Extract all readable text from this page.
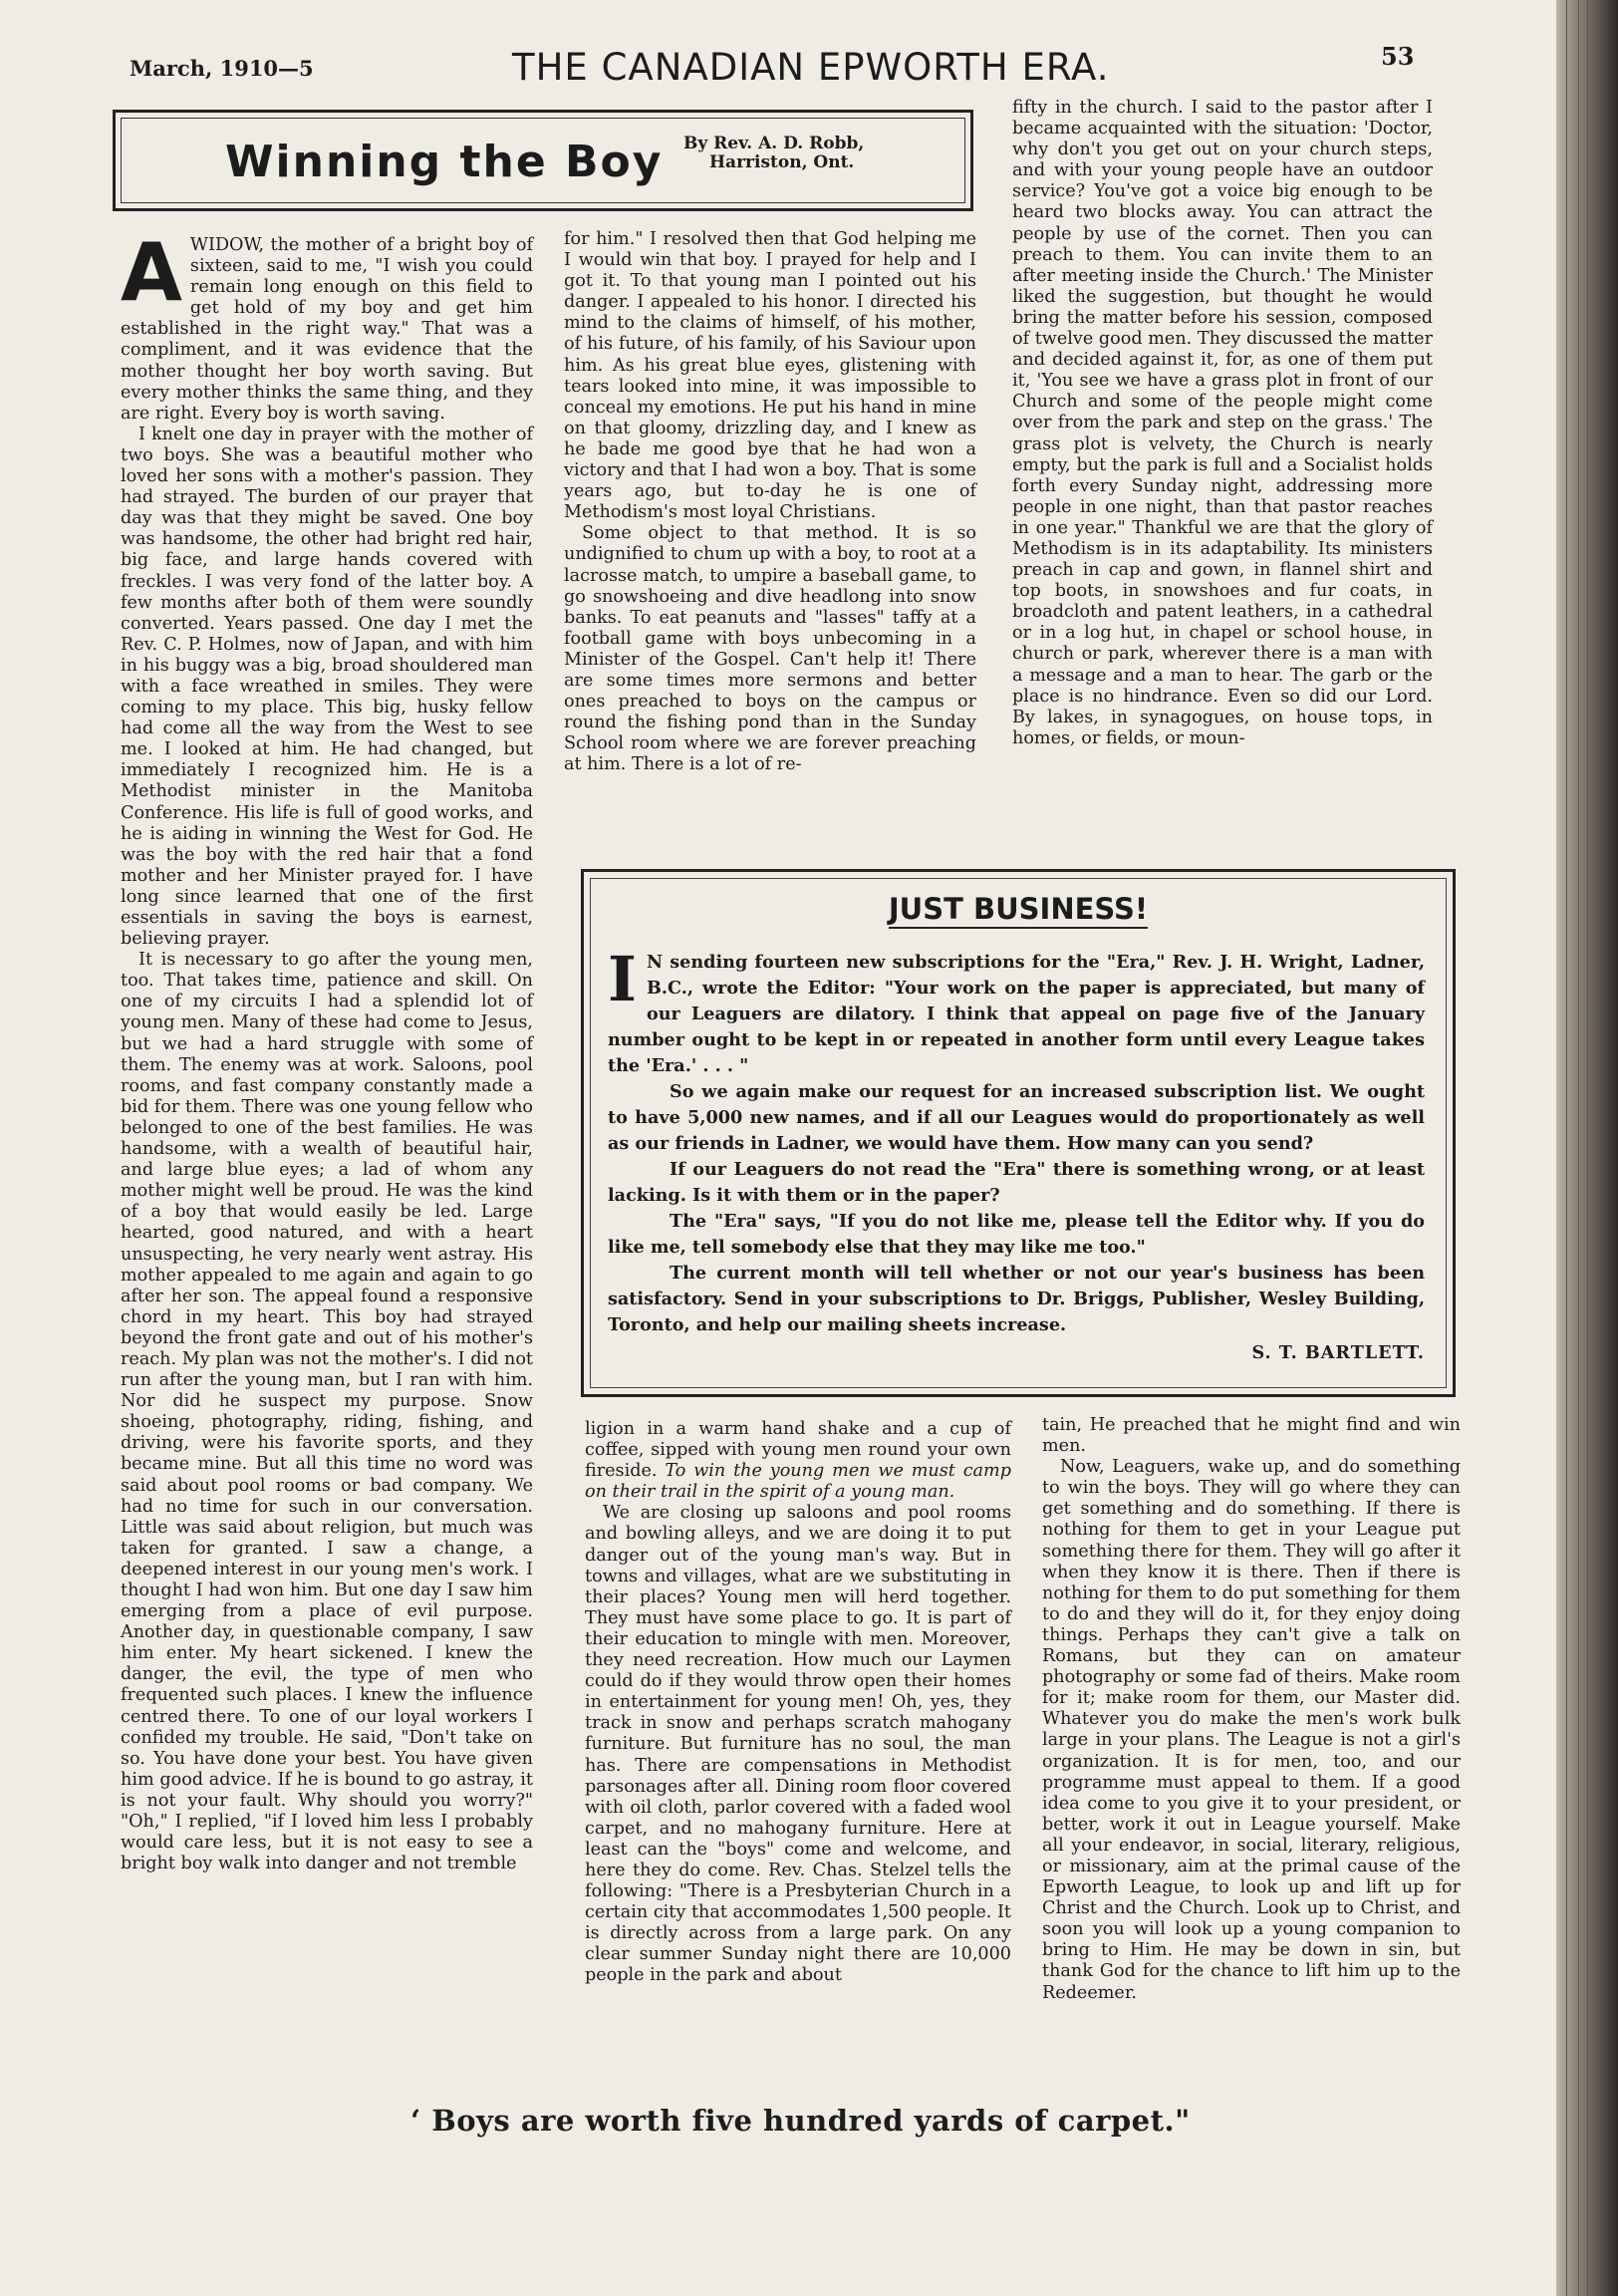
March, 1910—5	THE CANADIAN EPWORTH ERA.	53
Winning the Boy By Rev. A. D. Robb,
Harriston, Ont.

AWIDOW, the mother of a bright boy of sixteen, said to me, "I wish you could remain long enough on this field to get hold of my boy and get him established in the right way." That was a compliment, and it was evidence that the mother thought her boy worth saving. But every mother thinks the same thing, and they are right. Every boy is worth saving.

I knelt one day in prayer with the mother of two boys. She was a beautiful mother who loved her sons with a mother's passion. They had strayed. The burden of our prayer that day was that they might be saved. One boy was handsome, the other had bright red hair, big face, and large hands covered with freckles. I was very fond of the latter boy. A few months after both of them were soundly converted. Years passed. One day I met the Rev. C. P. Holmes, now of Japan, and with him in his buggy was a big, broad shouldered man with a face wreathed in smiles. They were coming to my place. This big, husky fellow had come all the way from the West to see me. I looked at him. He had changed, but immediately I recognized him. He is a Methodist minister in the Manitoba Conference. His life is full of good works, and he is aiding in winning the West for God. He was the boy with the red hair that a fond mother and her Minister prayed for. I have long since learned that one of the first essentials in saving the boys is earnest, believing prayer.

It is necessary to go after the young men, too. That takes time, patience and skill. On one of my circuits I had a splendid lot of young men. Many of these had come to Jesus, but we had a hard struggle with some of them. The enemy was at work. Saloons, pool rooms, and fast company constantly made a bid for them. There was one young fellow who belonged to one of the best families. He was handsome, with a wealth of beautiful hair, and large blue eyes; a lad of whom any mother might well be proud. He was the kind of a boy that would easily be led. Large hearted, good natured, and with a heart unsuspecting, he very nearly went astray. His mother appealed to me again and again to go after her son. The appeal found a responsive chord in my heart. This boy had strayed beyond the front gate and out of his mother's reach. My plan was not the mother's. I did not run after the young man, but I ran with him. Nor did he suspect my purpose. Snow shoeing, photography, riding, fishing, and driving, were his favorite sports, and they became mine. But all this time no word was said about pool rooms or bad company. We had no time for such in our conversation. Little was said about religion, but much was taken for granted. I saw a change, a deepened interest in our young men's work. I thought I had won him. But one day I saw him emerging from a place of evil purpose. Another day, in questionable company, I saw him enter. My heart sickened. I knew the danger, the evil, the type of men who frequented such places. I knew the influence centred there. To one of our loyal workers I confided my trouble. He said, "Don't take on so. You have done your best. You have given him good advice. If he is bound to go astray, it is not your fault. Why should you worry?" "Oh," I replied, "if I loved him less I probably would care less, but it is not easy to see a bright boy walk into danger and not tremble

for him." I resolved then that God helping me I would win that boy. I prayed for help and I got it. To that young man I pointed out his danger. I appealed to his honor. I directed his mind to the claims of himself, of his mother, of his future, of his family, of his Saviour upon him. As his great blue eyes, glistening with tears looked into mine, it was impossible to conceal my emotions. He put his hand in mine on that gloomy, drizzling day, and I knew as he bade me good bye that he had won a victory and that I had won a boy. That is some years ago, but to-day he is one of Methodism's most loyal Christians.

Some object to that method. It is so undignified to chum up with a boy, to root at a lacrosse match, to umpire a baseball game, to go snowshoeing and dive headlong into snow banks. To eat peanuts and "lasses" taffy at a football game with boys unbecoming in a Minister of the Gospel. Can't help it! There are some times more sermons and better ones preached to boys on the campus or round the fishing pond than in the Sunday School room where we are forever preaching at him. There is a lot of re-

fifty in the church. I said to the pastor after I became acquainted with the situation: 'Doctor, why don't you get out on your church steps, and with your young people have an outdoor service? You've got a voice big enough to be heard two blocks away. You can attract the people by use of the cornet. Then you can preach to them. You can invite them to an after meeting inside the Church.' The Minister liked the suggestion, but thought he would bring the matter before his session, composed of twelve good men. They discussed the matter and decided against it, for, as one of them put it, 'You see we have a grass plot in front of our Church and some of the people might come over from the park and step on the grass.' The grass plot is velvety, the Church is nearly empty, but the park is full and a Socialist holds forth every Sunday night, addressing more people in one night, than that pastor reaches in one year." Thankful we are that the glory of Methodism is in its adaptability. Its ministers preach in cap and gown, in flannel shirt and top boots, in snowshoes and fur coats, in broadcloth and patent leathers, in a cathedral or in a log hut, in chapel or school house, in church or park, wherever there is a man with a message and a man to hear. The garb or the place is no hindrance. Even so did our Lord. By lakes, in synagogues, on house tops, in homes, or fields, or moun-

JUST BUSINESS!

I N sending fourteen new subscriptions for the "Era," Rev. J. H. Wright, Ladner, B.C., wrote the Editor: "Your work on the paper is appreciated, but many of our Leaguers are dilatory. I think that appeal on page five of the January number ought to be kept in or repeated in another form until every League takes the 'Era.' . . . "

So we again make our request for an increased subscription list. We ought to have 5,000 new names, and if all our Leagues would do proportionately as well as our friends in Ladner, we would have them. How many can you send?

If our Leaguers do not read the "Era" there is something wrong, or at least lacking. Is it with them or in the paper?

The "Era" says, "If you do not like me, please tell the Editor why. If you do like me, tell somebody else that they may like me too."

The current month will tell whether or not our year's business has been satisfactory. Send in your subscriptions to Dr. Briggs, Publisher, Wesley Building, Toronto, and help our mailing sheets increase.

S. T. BARTLETT.

ligion in a warm hand shake and a cup of coffee, sipped with young men round your own fireside. To win the young men we must camp on their trail in the spirit of a young man.

We are closing up saloons and pool rooms and bowling alleys, and we are doing it to put danger out of the young man's way. But in towns and villages, what are we substituting in their places? Young men will herd together. They must have some place to go. It is part of their education to mingle with men. Moreover, they need recreation. How much our Laymen could do if they would throw open their homes in entertainment for young men! Oh, yes, they track in snow and perhaps scratch mahogany furniture. But furniture has no soul, the man has. There are compensations in Methodist parsonages after all. Dining room floor covered with oil cloth, parlor covered with a faded wool carpet, and no mahogany furniture. Here at least can the "boys" come and welcome, and here they do come. Rev. Chas. Stelzel tells the following: "There is a Presbyterian Church in a certain city that accommodates 1,500 people. It is directly across from a large park. On any clear summer Sunday night there are 10,000 people in the park and about

tain, He preached that he might find and win men.

Now, Leaguers, wake up, and do something to win the boys. They will go where they can get something and do something. If there is nothing for them to get in your League put something there for them. They will go after it when they know it is there. Then if there is nothing for them to do put something for them to do and they will do it, for they enjoy doing things. Perhaps they can't give a talk on Romans, but they can on amateur photography or some fad of theirs. Make room for it; make room for them, our Master did. Whatever you do make the men's work bulk large in your plans. The League is not a girl's organization. It is for men, too, and our programme must appeal to them. If a good idea come to you give it to your president, or better, work it out in League yourself. Make all your endeavor, in social, literary, religious, or missionary, aim at the primal cause of the Epworth League, to look up and lift up for Christ and the Church. Look up to Christ, and soon you will look up a young companion to bring to Him. He may be down in sin, but thank God for the chance to lift him up to the Redeemer.

‘ Boys are worth five hundred yards of carpet."
